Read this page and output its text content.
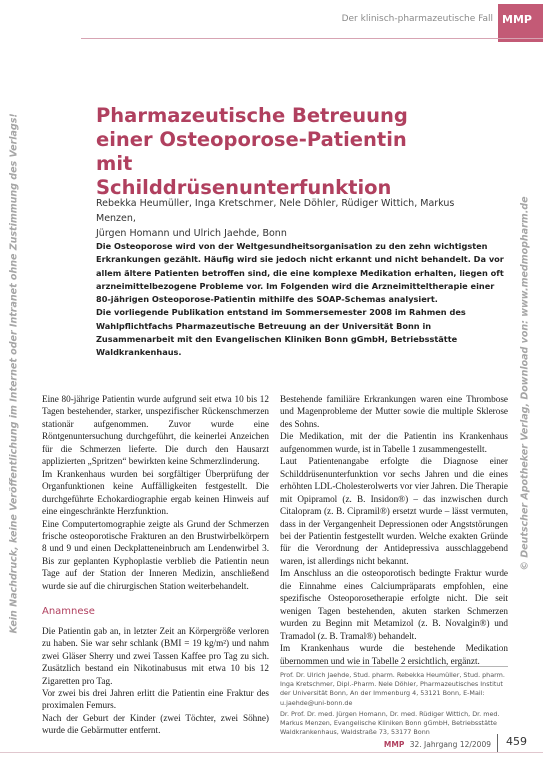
Der klinisch-pharmazeutische Fall MMP
Kein Nachdruck, keine Veröffentlichung im Internet oder Intranet ohne Zustimmung des Verlags!	© Deutscher Apotheker Verlag, Download von: www.medmopharm.de
Pharmazeutische Betreuung
einer Osteoporose-Patientin mit
Schilddrüsenunterfunktion
Rebekka Heumüller, Inga Kretschmer, Nele Döhler, Rüdiger Wittich, Markus Menzen,
Jürgen Homann und Ulrich Jaehde, Bonn

Die Osteoporose wird von der Weltgesundheitsorganisation zu den zehn wichtigsten Erkrankungen gezählt. Häufig wird sie jedoch nicht erkannt und nicht behandelt. Da vor allem ältere Patienten betroffen sind, die eine komplexe Medikation erhalten, liegen oft arzneimittelbezogene Probleme vor. Im Folgenden wird die Arzneimitteltherapie einer 80-jährigen Osteoporose-Patientin mithilfe des SOAP-Schemas analysiert.

Die vorliegende Publikation entstand im Sommersemester 2008 im Rahmen des Wahlpflichtfachs Pharmazeutische Betreuung an der Universität Bonn in Zusammenarbeit mit den Evangelischen Kliniken Bonn gGmbH, Betriebsstätte Waldkrankenhaus.

Eine 80-jährige Patientin wurde aufgrund seit etwa 10 bis 12 Tagen bestehender, starker, unspezifischer Rückenschmerzen stationär aufgenommen. Zuvor wurde eine Röntgenuntersuchung durchgeführt, die keinerlei Anzeichen für die Schmerzen lieferte. Die durch den Hausarzt applizierten „Spritzen“ bewirkten keine Schmerzlinderung.

Im Krankenhaus wurden bei sorgfältiger Überprüfung der Organfunktionen keine Auffälligkeiten festgestellt. Die durchgeführte Echokardiographie ergab keinen Hinweis auf eine eingeschränkte Herzfunktion.

Eine Computertomographie zeigte als Grund der Schmerzen frische osteoporotische Frakturen an den Brustwirbelkörpern 8 und 9 und einen Deckplatteneinbruch am Lendenwirbel 3. Bis zur geplanten Kyphoplastie verblieb die Patientin neun Tage auf der Station der Inneren Medizin, anschließend wurde sie auf die chirurgischen Station weiterbehandelt.

Anamnese

Die Patientin gab an, in letzter Zeit an Körpergröße verloren zu haben. Sie war sehr schlank (BMI = 19 kg/m²) und nahm zwei Gläser Sherry und zwei Tassen Kaffee pro Tag zu sich. Zusätzlich bestand ein Nikotinabusus mit etwa 10 bis 12 Zigaretten pro Tag.

Vor zwei bis drei Jahren erlitt die Patientin eine Fraktur des proximalen Femurs.

Nach der Geburt der Kinder (zwei Töchter, zwei Söhne) wurde die Gebärmutter entfernt.

Bestehende familiäre Erkrankungen waren eine Thrombose und Magenprobleme der Mutter sowie die multiple Sklerose des Sohns.

Die Medikation, mit der die Patientin ins Krankenhaus aufgenommen wurde, ist in Tabelle 1 zusammengestellt.

Laut Patientenangabe erfolgte die Diagnose einer Schilddrüsenunterfunktion vor sechs Jahren und die eines erhöhten LDL-Cholesterolwerts vor vier Jahren. Die Therapie mit Opipramol (z. B. Insidon®) – das inzwischen durch Citalopram (z. B. Cipramil®) ersetzt wurde – lässt vermuten, dass in der Vergangenheit Depressionen oder Angststörungen bei der Patientin festgestellt wurden. Welche exakten Gründe für die Verordnung der Antidepressiva ausschlaggebend waren, ist allerdings nicht bekannt.

Im Anschluss an die osteoporotisch bedingte Fraktur wurde die Einnahme eines Calciumpräparats empfohlen, eine spezifische Osteoporosetherapie erfolgte nicht. Die seit wenigen Tagen bestehenden, akuten starken Schmerzen wurden zu Beginn mit Metamizol (z. B. Novalgin®) und Tramadol (z. B. Tramal®) behandelt.

Im Krankenhaus wurde die bestehende Medikation übernommen und wie in Tabelle 2 ersichtlich, ergänzt.

Prof. Dr. Ulrich Jaehde, Stud. pharm. Rebekka Heumüller, Stud. pharm. Inga Kretschmer, Dipl.-Pharm. Nele Döhler, Pharmazeutisches Institut der Universität Bonn, An der Immenburg 4, 53121 Bonn, E-Mail: u.jaehde@uni-bonn.de

Dr. Prof. Dr. med. Jürgen Homann, Dr. med. Rüdiger Wittich, Dr. med. Markus Menzen, Evangelische Kliniken Bonn gGmbH, Betriebsstätte Waldkrankenhaus, Waldstraße 73, 53177 Bonn

MMP 32. Jahrgang 12/2009 459
